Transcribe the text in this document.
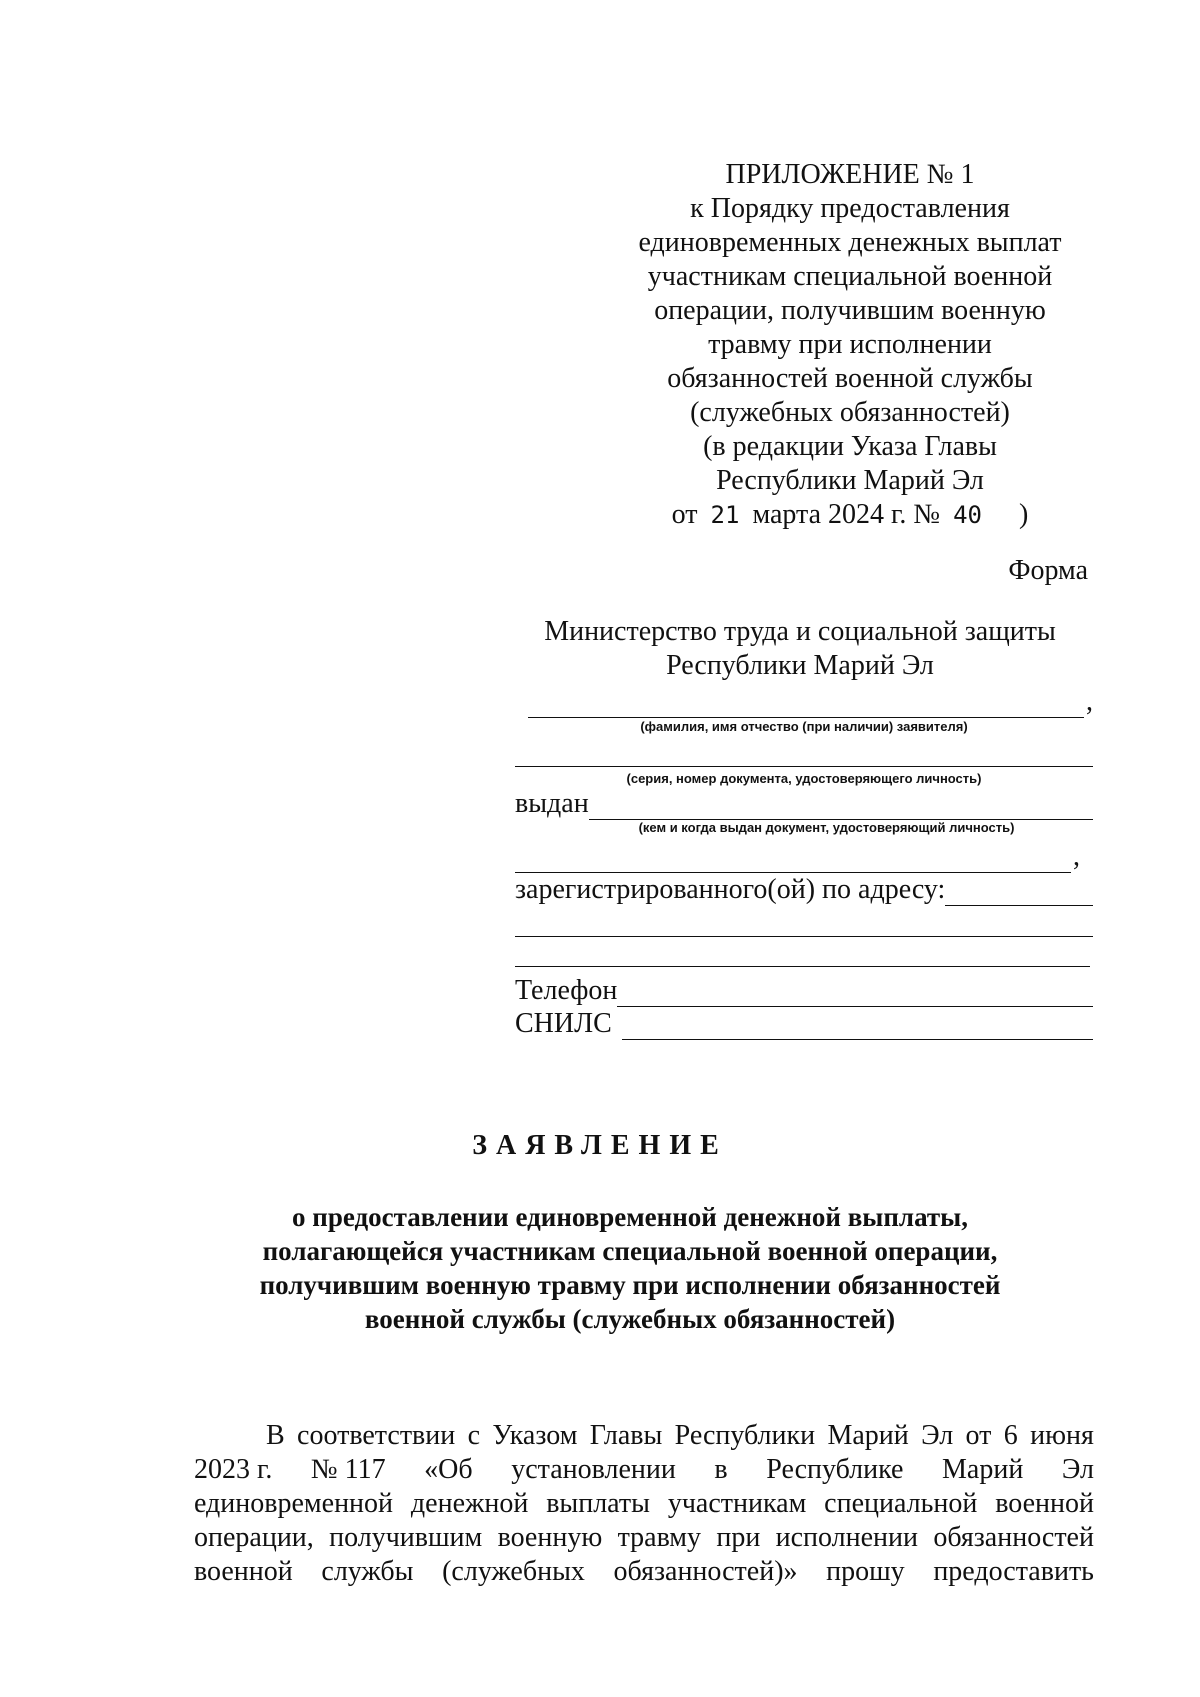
ПРИЛОЖЕНИЕ № 1
к Порядку предоставления
единовременных денежных выплат
участникам специальной военной
операции, получившим военную
травму при исполнении
обязанностей военной службы
(служебных обязанностей)
(в редакции Указа Главы
Республики Марий Эл
от 21 марта 2024 г. № 40 )
Форма
Министерство труда и социальной защиты
Республики Марий Эл
,
(фамилия, имя отчество (при наличии) заявителя)
(серия, номер документа, удостоверяющего личность)
выдан
(кем и когда выдан документ, удостоверяющий личность)
,
зарегистрированного(ой) по адресу:
Телефон
СНИЛС
ЗАЯВЛЕНИЕ
о предоставлении единовременной денежной выплаты,
полагающейся участникам специальной военной операции,
получившим военную травму при исполнении обязанностей
военной службы (служебных обязанностей)
В соответствии с Указом Главы Республики Марий Эл от 6 июня
2023 г. № 117 «Об установлении в Республике Марий Эл
единовременной денежной выплаты участникам специальной военной
операции, получившим военную травму при исполнении обязанностей
военной службы (служебных обязанностей)» прошу предоставить
